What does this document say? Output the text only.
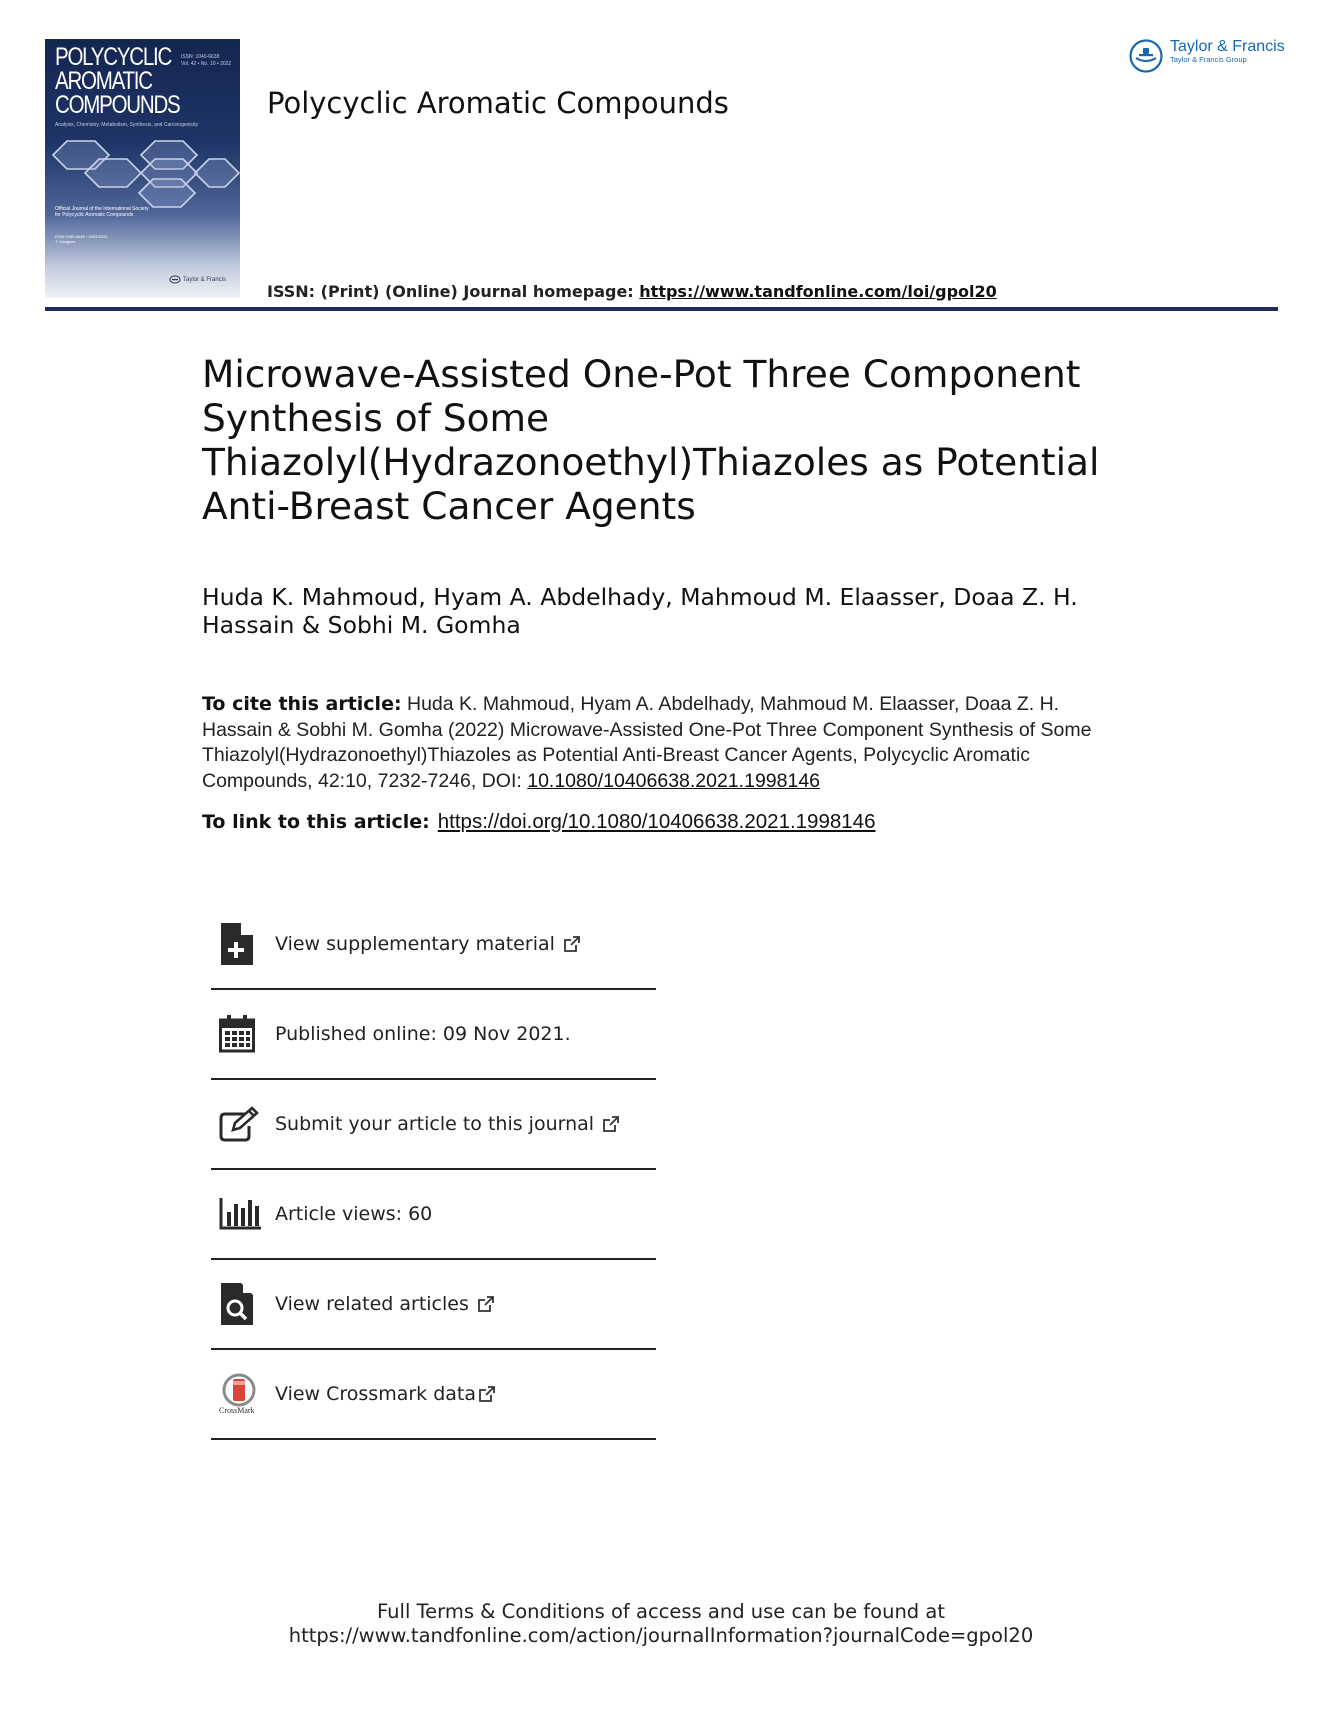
POLYCYCLIC
AROMATIC
COMPOUNDS
ISSN: 1040-6638
Vol. 42 • No. 10 • 2022
Analysis, Chemistry, Metabolism, Synthesis, and Carcinogenicity
Official Journal of the International Society for Polycyclic Aromatic Compounds
ISSN:1040-6638 • 1563-5333
T: Gariguez
Taylor & Francis
Polycyclic Aromatic Compounds
Taylor & Francis
Taylor & Francis Group
ISSN: (Print) (Online) Journal homepage: https://www.tandfonline.com/loi/gpol20
Microwave-Assisted One-Pot Three Component Synthesis of Some Thiazolyl(Hydrazonoethyl)Thiazoles as Potential Anti-Breast Cancer Agents
Huda K. Mahmoud, Hyam A. Abdelhady, Mahmoud M. Elaasser, Doaa Z. H. Hassain & Sobhi M. Gomha
To cite this article: Huda K. Mahmoud, Hyam A. Abdelhady, Mahmoud M. Elaasser, Doaa Z. H. Hassain & Sobhi M. Gomha (2022) Microwave-Assisted One-Pot Three Component Synthesis of Some Thiazolyl(Hydrazonoethyl)Thiazoles as Potential Anti-Breast Cancer Agents, Polycyclic Aromatic Compounds, 42:10, 7232-7246, DOI: 10.1080/10406638.2021.1998146
To link to this article: https://doi.org/10.1080/10406638.2021.1998146
View supplementary material
Published online: 09 Nov 2021.
Submit your article to this journal
Article views: 60
View related articles
CrossMark
View Crossmark data
Full Terms & Conditions of access and use can be found at
https://www.tandfonline.com/action/journalInformation?journalCode=gpol20
